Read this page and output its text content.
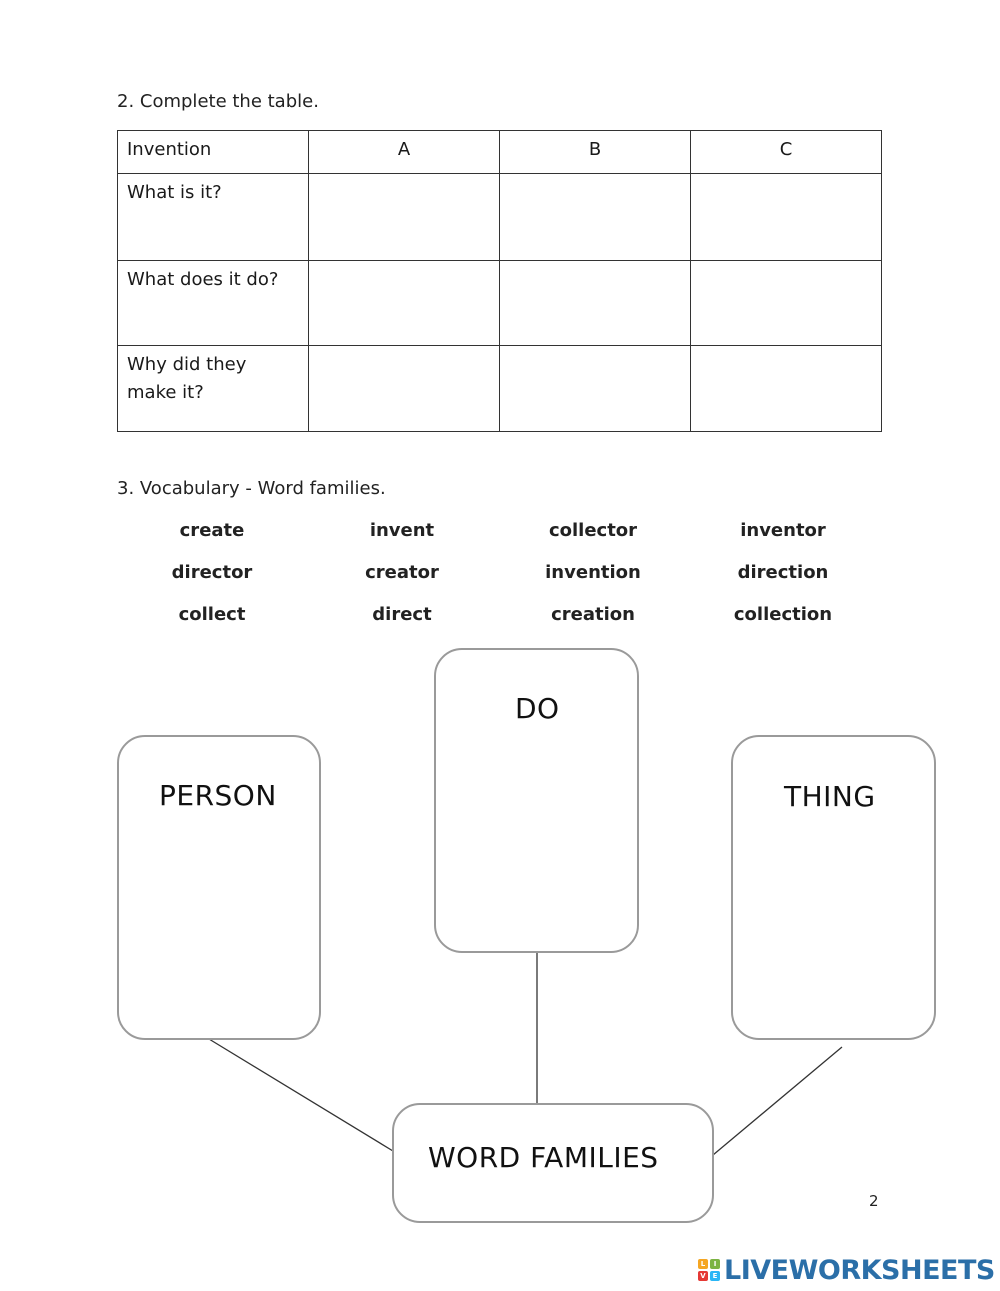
2. Complete the table.
Invention	A	B	C
What is it?			
What does it do?			

Why did they
make it?			

3. Vocabulary - Word families.
create	invent	collector	inventor
director	creator	invention	direction
collect	direct	creation	collection
PERSON
DO
THING
WORD FAMILIES
2
L	I
V E LIVEWORKSHEETS
